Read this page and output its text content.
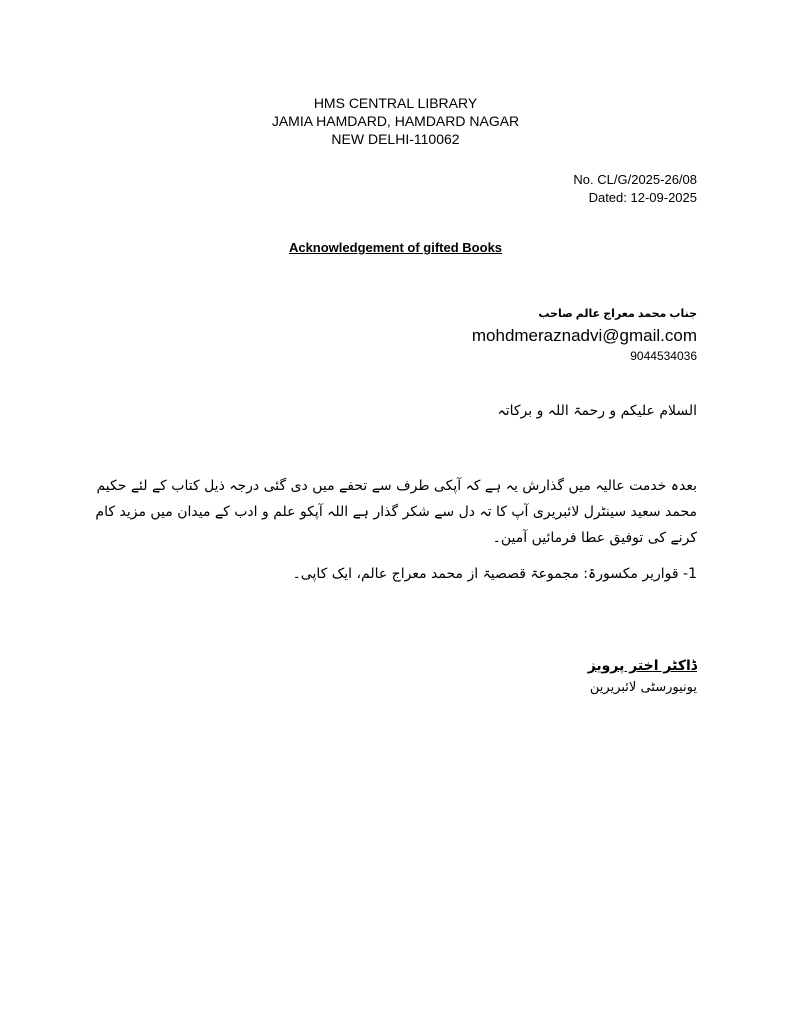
HMS CENTRAL LIBRARY
JAMIA HAMDARD, HAMDARD NAGAR
NEW DELHI-110062
No. CL/G/2025-26/08
Dated: 12-09-2025
Acknowledgement of gifted Books
جناب محمد معراج عالم صاحب
mohdmeraznadvi@gmail.com
9044534036
السلام علیکم و رحمۃ اللہ و برکاتہ
بعدہ خدمت عالیہ میں گذارش یہ ہے کہ آپکی طرف سے تحفے میں دی گئی درجہ ذیل کتاب کے لئے حکیم محمد سعید سینٹرل لائبریری آپ کا تہ دل سے شکر گذار ہے اللہ آپکو علم و ادب کے میدان میں مزید کام کرنے کی توفیق عطا فرمائیں آمین۔
1- قواریر مکسورۃ: مجموعۃ قصصیۃ از محمد معراج عالم، ایک کاپی۔
ڈاکٹر اختر پرویز
یونیورسٹی لائبریرین
